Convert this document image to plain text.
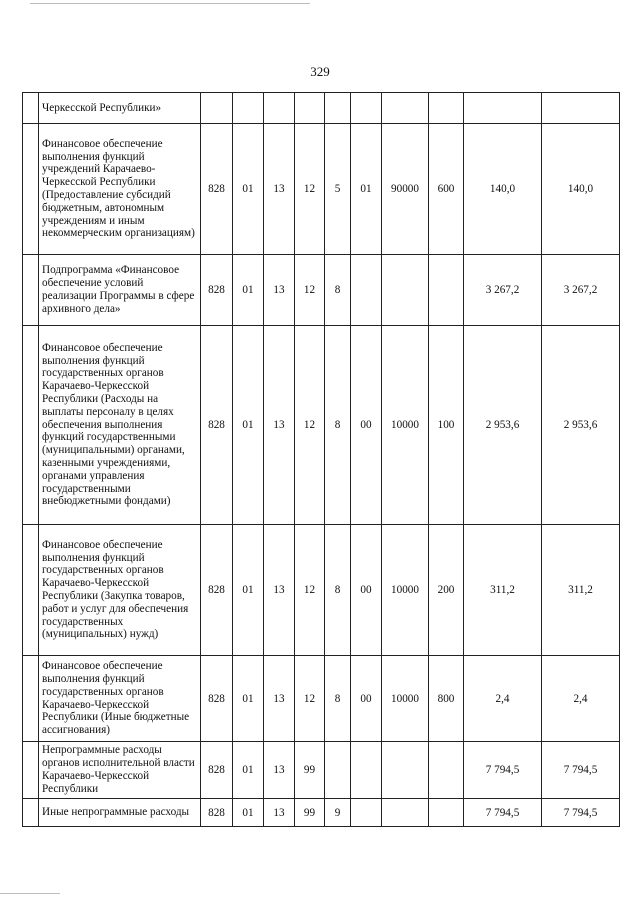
329
	Черкесской Республики»										
	Финансовое обеспечение выполнения функций учреждений Карачаево-Черкесской Республики (Предоставление субсидий бюджетным, автономным учреждениям и иным некоммерческим организациям)	828	01	13	12	5	01	90000	600	140,0	140,0
	Подпрограмма «Финансовое обеспечение условий реализации Программы в сфере архивного дела»	828	01	13	12	8				3 267,2	3 267,2
	Финансовое обеспечение выполнения функций государственных органов Карачаево-Черкесской Республики (Расходы на выплаты персоналу в целях обеспечения выполнения функций государственными (муниципальными) органами, казенными учреждениями, органами управления государственными внебюджетными фондами)	828	01	13	12	8	00	10000	100	2 953,6	2 953,6
	Финансовое обеспечение выполнения функций государственных органов Карачаево-Черкесской Республики (Закупка товаров, работ и услуг для обеспечения государственных (муниципальных) нужд)	828	01	13	12	8	00	10000	200	311,2	311,2
	Финансовое обеспечение выполнения функций государственных органов Карачаево-Черкесской Республики (Иные бюджетные ассигнования)	828	01	13	12	8	00	10000	800	2,4	2,4
	Непрограммные расходы органов исполнительной власти Карачаево-Черкесской Республики	828	01	13	99					7 794,5	7 794,5
	Иные непрограммные расходы	828	01	13	99	9				7 794,5	7 794,5
